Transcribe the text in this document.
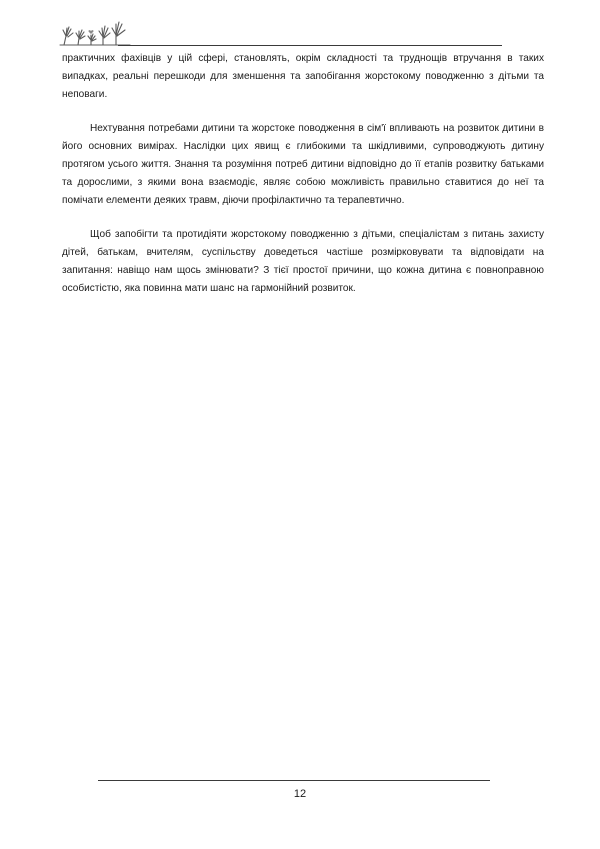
практичних фахівців у цій сфері, становлять, окрім складності та труднощів втручання в таких випадках, реальні перешкоди для зменшення та запобігання жорстокому поводженню з дітьми та неповаги.

Нехтування потребами дитини та жорстоке поводження в сім'ї впливають на розвиток дитини в його основних вимірах. Наслідки цих явищ є глибокими та шкідливими, супроводжують дитину протягом усього життя. Знання та розуміння потреб дитини відповідно до її етапів розвитку батьками та дорослими, з якими вона взаємодіє, являє собою можливість правильно ставитися до неї та помічати елементи деяких травм, діючи профілактично та терапевтично.

Щоб запобігти та протидіяти жорстокому поводженню з дітьми, спеціалістам з питань захисту дітей, батькам, вчителям, суспільству доведеться частіше розмірковувати та відповідати на запитання: навіщо нам щось змінювати? З тієї простої причини, що кожна дитина є повноправною особистістю, яка повинна мати шанс на гармонійний розвиток.

12
